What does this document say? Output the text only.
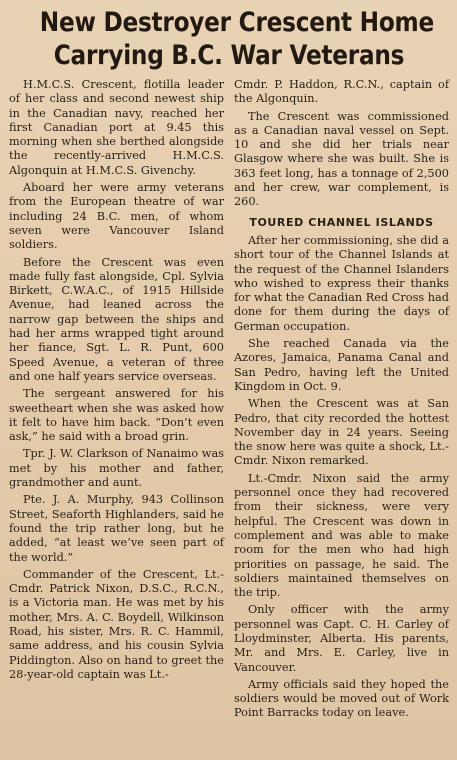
New Destroyer Crescent Home
Carrying B.C. War Veterans

H.M.C.S. Crescent, flotilla leader of her class and second newest ship in the Canadian navy, reached her first Canadian port at 9.45 this morning when she berthed alongside the recently-arrived H.M.C.S. Algonquin at H.M.C.S. Givenchy.

Aboard her were army veterans from the European theatre of war including 24 B.C. men, of whom seven were Vancouver Island soldiers.

Before the Crescent was even made fully fast alongside, Cpl. Sylvia Birkett, C.W.A.C., of 1915 Hillside Avenue, had leaned across the narrow gap between the ships and had her arms wrapped tight around her fiance, Sgt. L. R. Punt, 600 Speed Avenue, a veteran of three and one half years service overseas.

The sergeant answered for his sweetheart when she was asked how it felt to have him back. “Don’t even ask,” he said with a broad grin.

Tpr. J. W. Clarkson of Nanaimo was met by his mother and father, grandmother and aunt.

Pte. J. A. Murphy, 943 Collinson Street, Seaforth Highlanders, said he found the trip rather long, but he added, “at least we’ve seen part of the world.”

Commander of the Crescent, Lt.-Cmdr. Patrick Nixon, D.S.C., R.C.N., is a Victoria man. He was met by his mother, Mrs. A. C. Boydell, Wilkinson Road, his sister, Mrs. R. C. Hammil, same address, and his cousin Sylvia Piddington. Also on hand to greet the 28-year-old captain was Lt.-

Cmdr. P. Haddon, R.C.N., captain of the Algonquin.

The Crescent was commissioned as a Canadian naval vessel on Sept. 10 and she did her trials near Glasgow where she was built. She is 363 feet long, has a tonnage of 2,500 and her crew, war complement, is 260.

TOURED CHANNEL ISLANDS

After her commissioning, she did a short tour of the Channel Islands at the request of the Channel Islanders who wished to express their thanks for what the Canadian Red Cross had done for them during the days of German occupation.

She reached Canada via the Azores, Jamaica, Panama Canal and San Pedro, having left the United Kingdom in Oct. 9.

When the Crescent was at San Pedro, that city recorded the hottest November day in 24 years. Seeing the snow here was quite a shock, Lt.-Cmdr. Nixon remarked.

Lt.-Cmdr. Nixon said the army personnel once they had recovered from their sickness, were very helpful. The Crescent was down in complement and was able to make room for the men who had high priorities on passage, he said. The soldiers maintained themselves on the trip.

Only officer with the army personnel was Capt. C. H. Carley of Lloydminster, Alberta. His parents, Mr. and Mrs. E. Carley, live in Vancouver.

Army officials said they hoped the soldiers would be moved out of Work Point Barracks today on leave.
